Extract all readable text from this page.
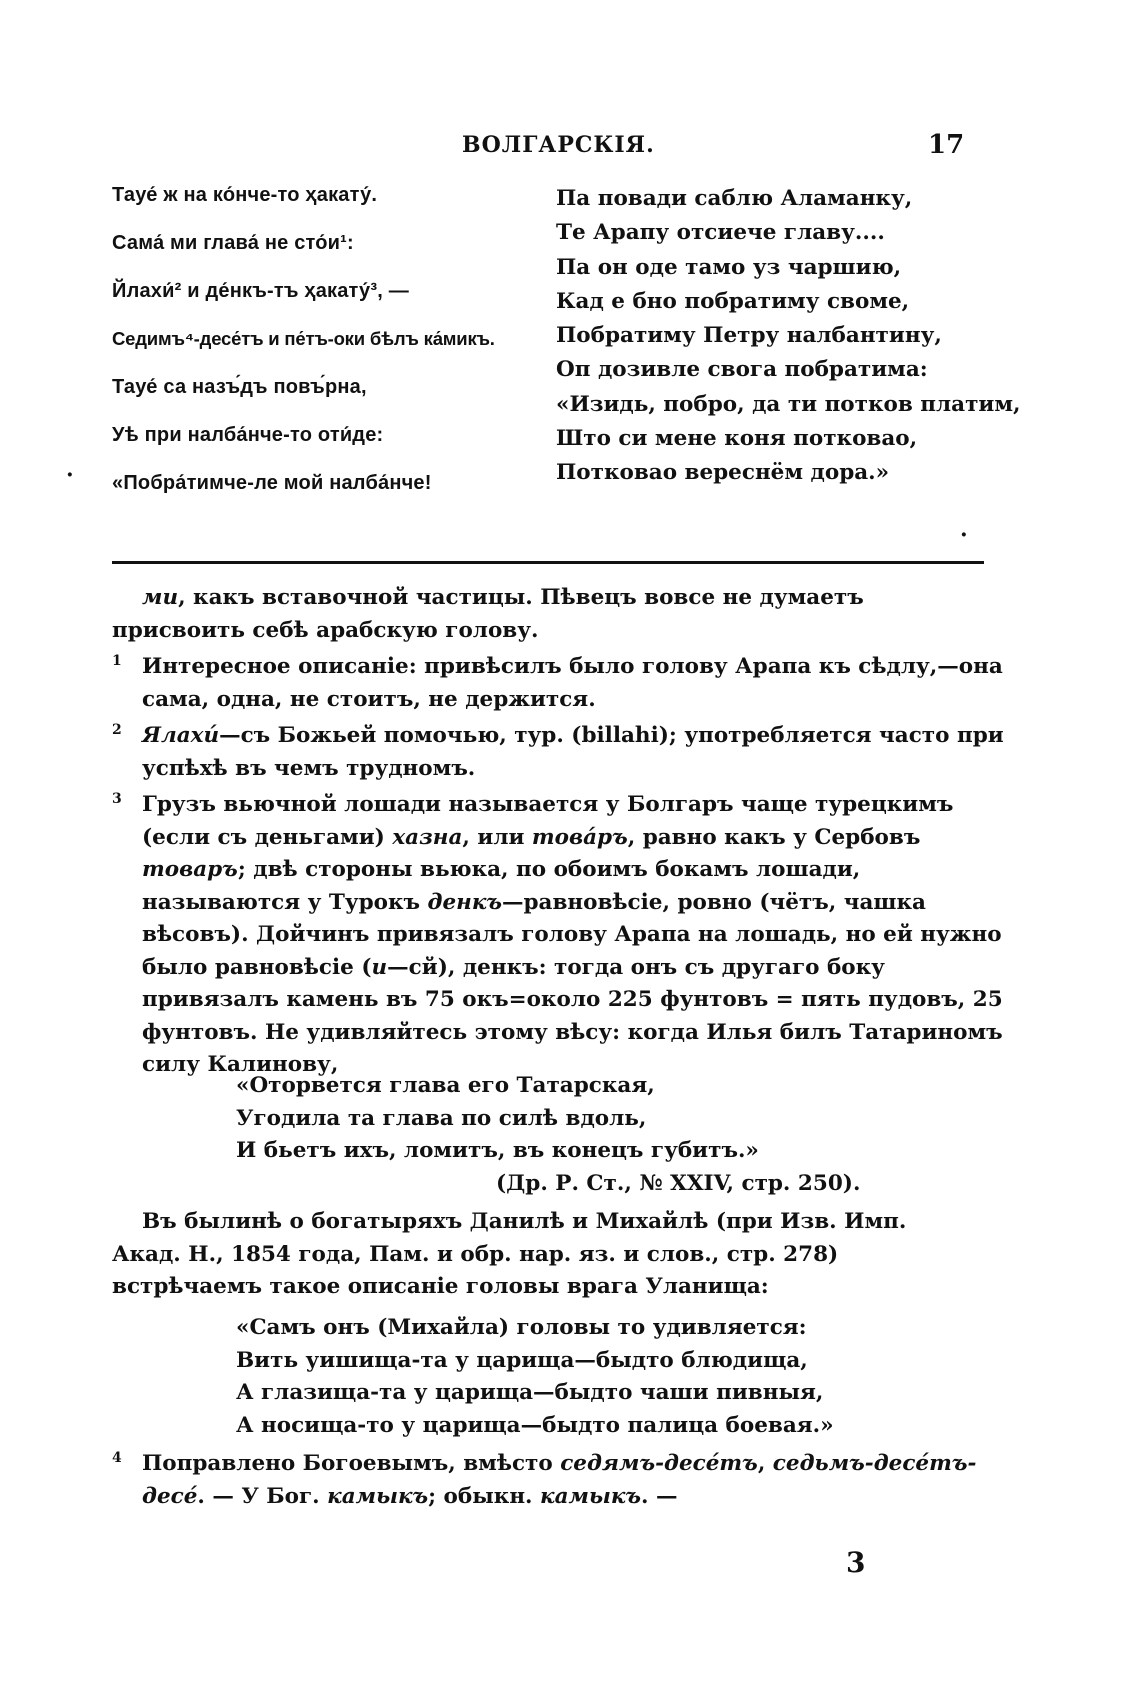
ВОЛГАРСКІЯ.	17
Тауе́ ж на ко́нче-то ҳакату́.
Сама́ ми глава́ не сто́и¹:
Йлахи́² и де́нкъ-тъ ҳакату́³, —
Седимъ⁴-десе́тъ и пе́тъ-оки бѣлъ ка́микъ.
Тауе́ са назъ́дъ повъ́рна,
Уѣ при налба́нче-то оти́де:
«Побра́тимче-ле мой налба́нче!
Па повади саблю Аламанку,
Те Арапу отсиече главу....
Па он оде тамо уз чаршию,
Кад е бно побратиму своме,
Побратиму Петру налбантину,
Оп дозивле свога побратима:
«Изидь, побро, да ти потков платим,
Што си мене коня потковао,
Потковао вереснём дора.»
·
·
ми, какъ вставочной частицы. Пѣвецъ вовсе не думаетъ присвоить себѣ арабскую голову.
1 Интересное описаніе: привѣсилъ было голову Арапа къ сѣдлу,—она сама, одна, не стоитъ, не держится.
2 Ялахи́—съ Божьей помочью, тур. (billahi); употребляется часто при успѣхѣ въ чемъ трудномъ.
3 Грузъ вьючной лошади называется у Болгаръ чаще турецкимъ (если съ деньгами) хазна, или товáръ, равно какъ у Сербовъ товаръ; двѣ стороны вьюка, по обоимъ бокамъ лошади, называются у Турокъ денкъ—равновѣсіе, ровно (чётъ, чашка вѣсовъ). Дойчинъ привязалъ голову Арапа на лошадь, но ей нужно было равновѣсіе (и—сй), денкъ: тогда онъ съ другаго боку привязалъ камень въ 75 окъ=около 225 фунтовъ = пять пудовъ, 25 фунтовъ. Не удивляйтесь этому вѣсу: когда Илья билъ Татариномъ силу Калинову,
«Оторвется глава его Татарская,
Угодила та глава по силѣ вдоль,
И бьетъ ихъ, ломитъ, въ конецъ губитъ.»
(Др. Р. Ст., № XXIV, стр. 250).
Въ былинѣ о богатыряхъ Данилѣ и Михайлѣ (при Изв. Имп. Акад. Н., 1854 года, Пам. и обр. нар. яз. и слов., стр. 278) встрѣчаемъ такое описаніе головы врага Уланища:
«Самъ онъ (Михайла) головы то удивляется:
Вить уишища-та у царища—быдто блюдища,
А глазища-та у царища—быдто чаши пивныя,
А носища-то у царища—быдто палица боевая.»
4 Поправлено Богоевымъ, вмѣсто седямъ-десе́тъ, седьмъ-десе́тъ-десе́. — У Бог. камыкъ; обыкн. камыкъ. —
3
